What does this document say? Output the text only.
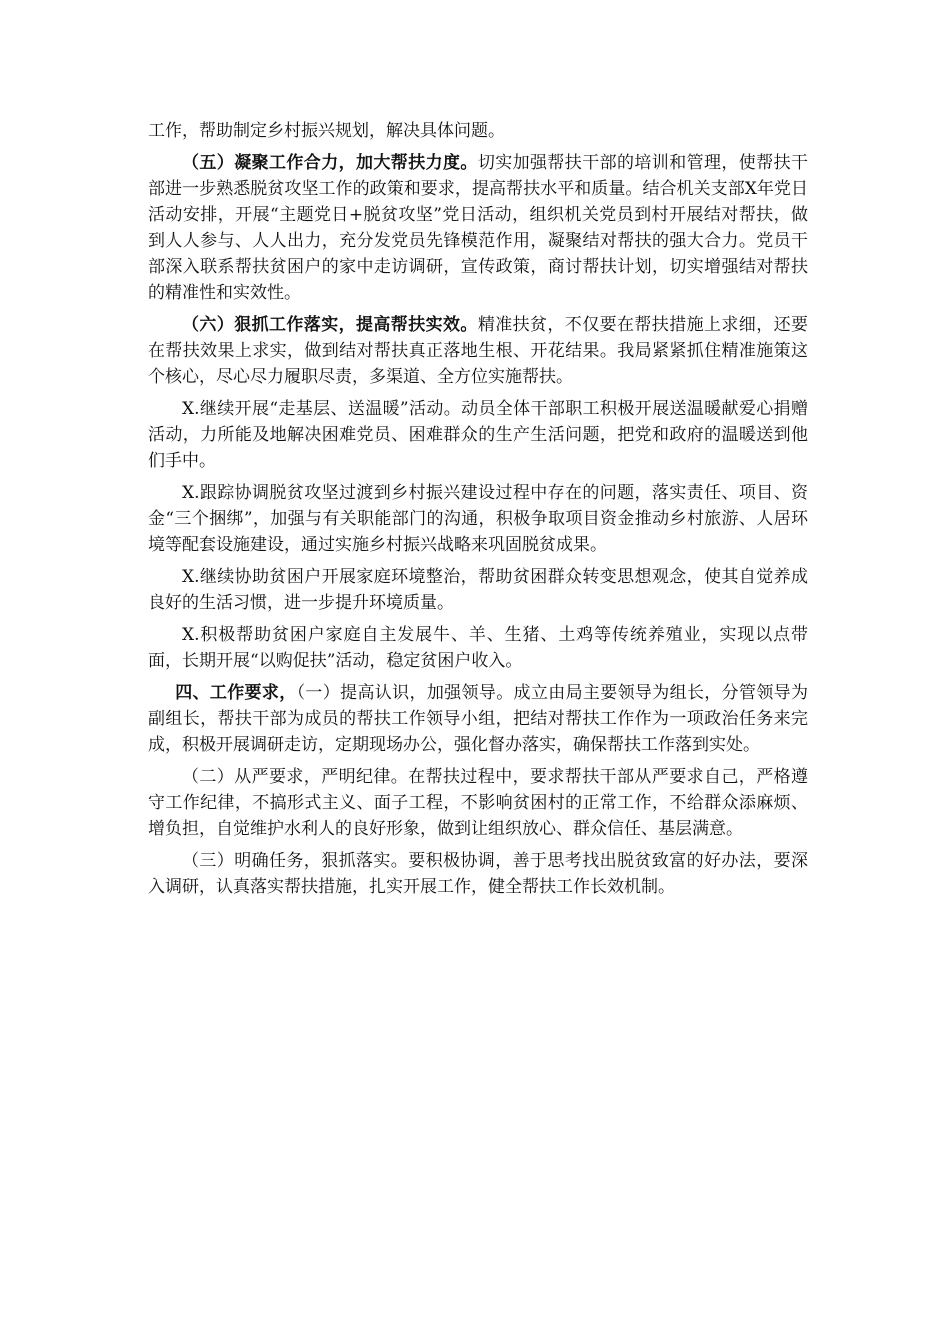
工作，帮助制定乡村振兴规划，解决具体问题。

（五）凝聚工作合力，加大帮扶力度。切实加强帮扶干部的培训和管理，使帮扶干部进一步熟悉脱贫攻坚工作的政策和要求，提高帮扶水平和质量。结合机关支部X年党日活动安排，开展“主题党日+脱贫攻坚”党日活动，组织机关党员到村开展结对帮扶，做到人人参与、人人出力，充分发党员先锋模范作用，凝聚结对帮扶的强大合力。党员干部深入联系帮扶贫困户的家中走访调研，宣传政策，商讨帮扶计划，切实增强结对帮扶的精准性和实效性。

（六）狠抓工作落实，提高帮扶实效。精准扶贫，不仅要在帮扶措施上求细，还要在帮扶效果上求实，做到结对帮扶真正落地生根、开花结果。我局紧紧抓住精准施策这个核心，尽心尽力履职尽责，多渠道、全方位实施帮扶。

X.继续开展“走基层、送温暖”活动。动员全体干部职工积极开展送温暖献爱心捐赠活动，力所能及地解决困难党员、困难群众的生产生活问题，把党和政府的温暖送到他们手中。

X.跟踪协调脱贫攻坚过渡到乡村振兴建设过程中存在的问题，落实责任、项目、资金“三个捆绑”，加强与有关职能部门的沟通，积极争取项目资金推动乡村旅游、人居环境等配套设施建设，通过实施乡村振兴战略来巩固脱贫成果。

X.继续协助贫困户开展家庭环境整治，帮助贫困群众转变思想观念，使其自觉养成良好的生活习惯，进一步提升环境质量。

X.积极帮助贫困户家庭自主发展牛、羊、生猪、土鸡等传统养殖业，实现以点带面，长期开展“以购促扶”活动，稳定贫困户收入。

四、工作要求，（一）提高认识，加强领导。成立由局主要领导为组长，分管领导为副组长，帮扶干部为成员的帮扶工作领导小组，把结对帮扶工作作为一项政治任务来完成，积极开展调研走访，定期现场办公，强化督办落实，确保帮扶工作落到实处。

（二）从严要求，严明纪律。在帮扶过程中，要求帮扶干部从严要求自己，严格遵守工作纪律，不搞形式主义、面子工程，不影响贫困村的正常工作，不给群众添麻烦、增负担，自觉维护水利人的良好形象，做到让组织放心、群众信任、基层满意。

（三）明确任务，狠抓落实。要积极协调，善于思考找出脱贫致富的好办法，要深入调研，认真落实帮扶措施，扎实开展工作，健全帮扶工作长效机制。
